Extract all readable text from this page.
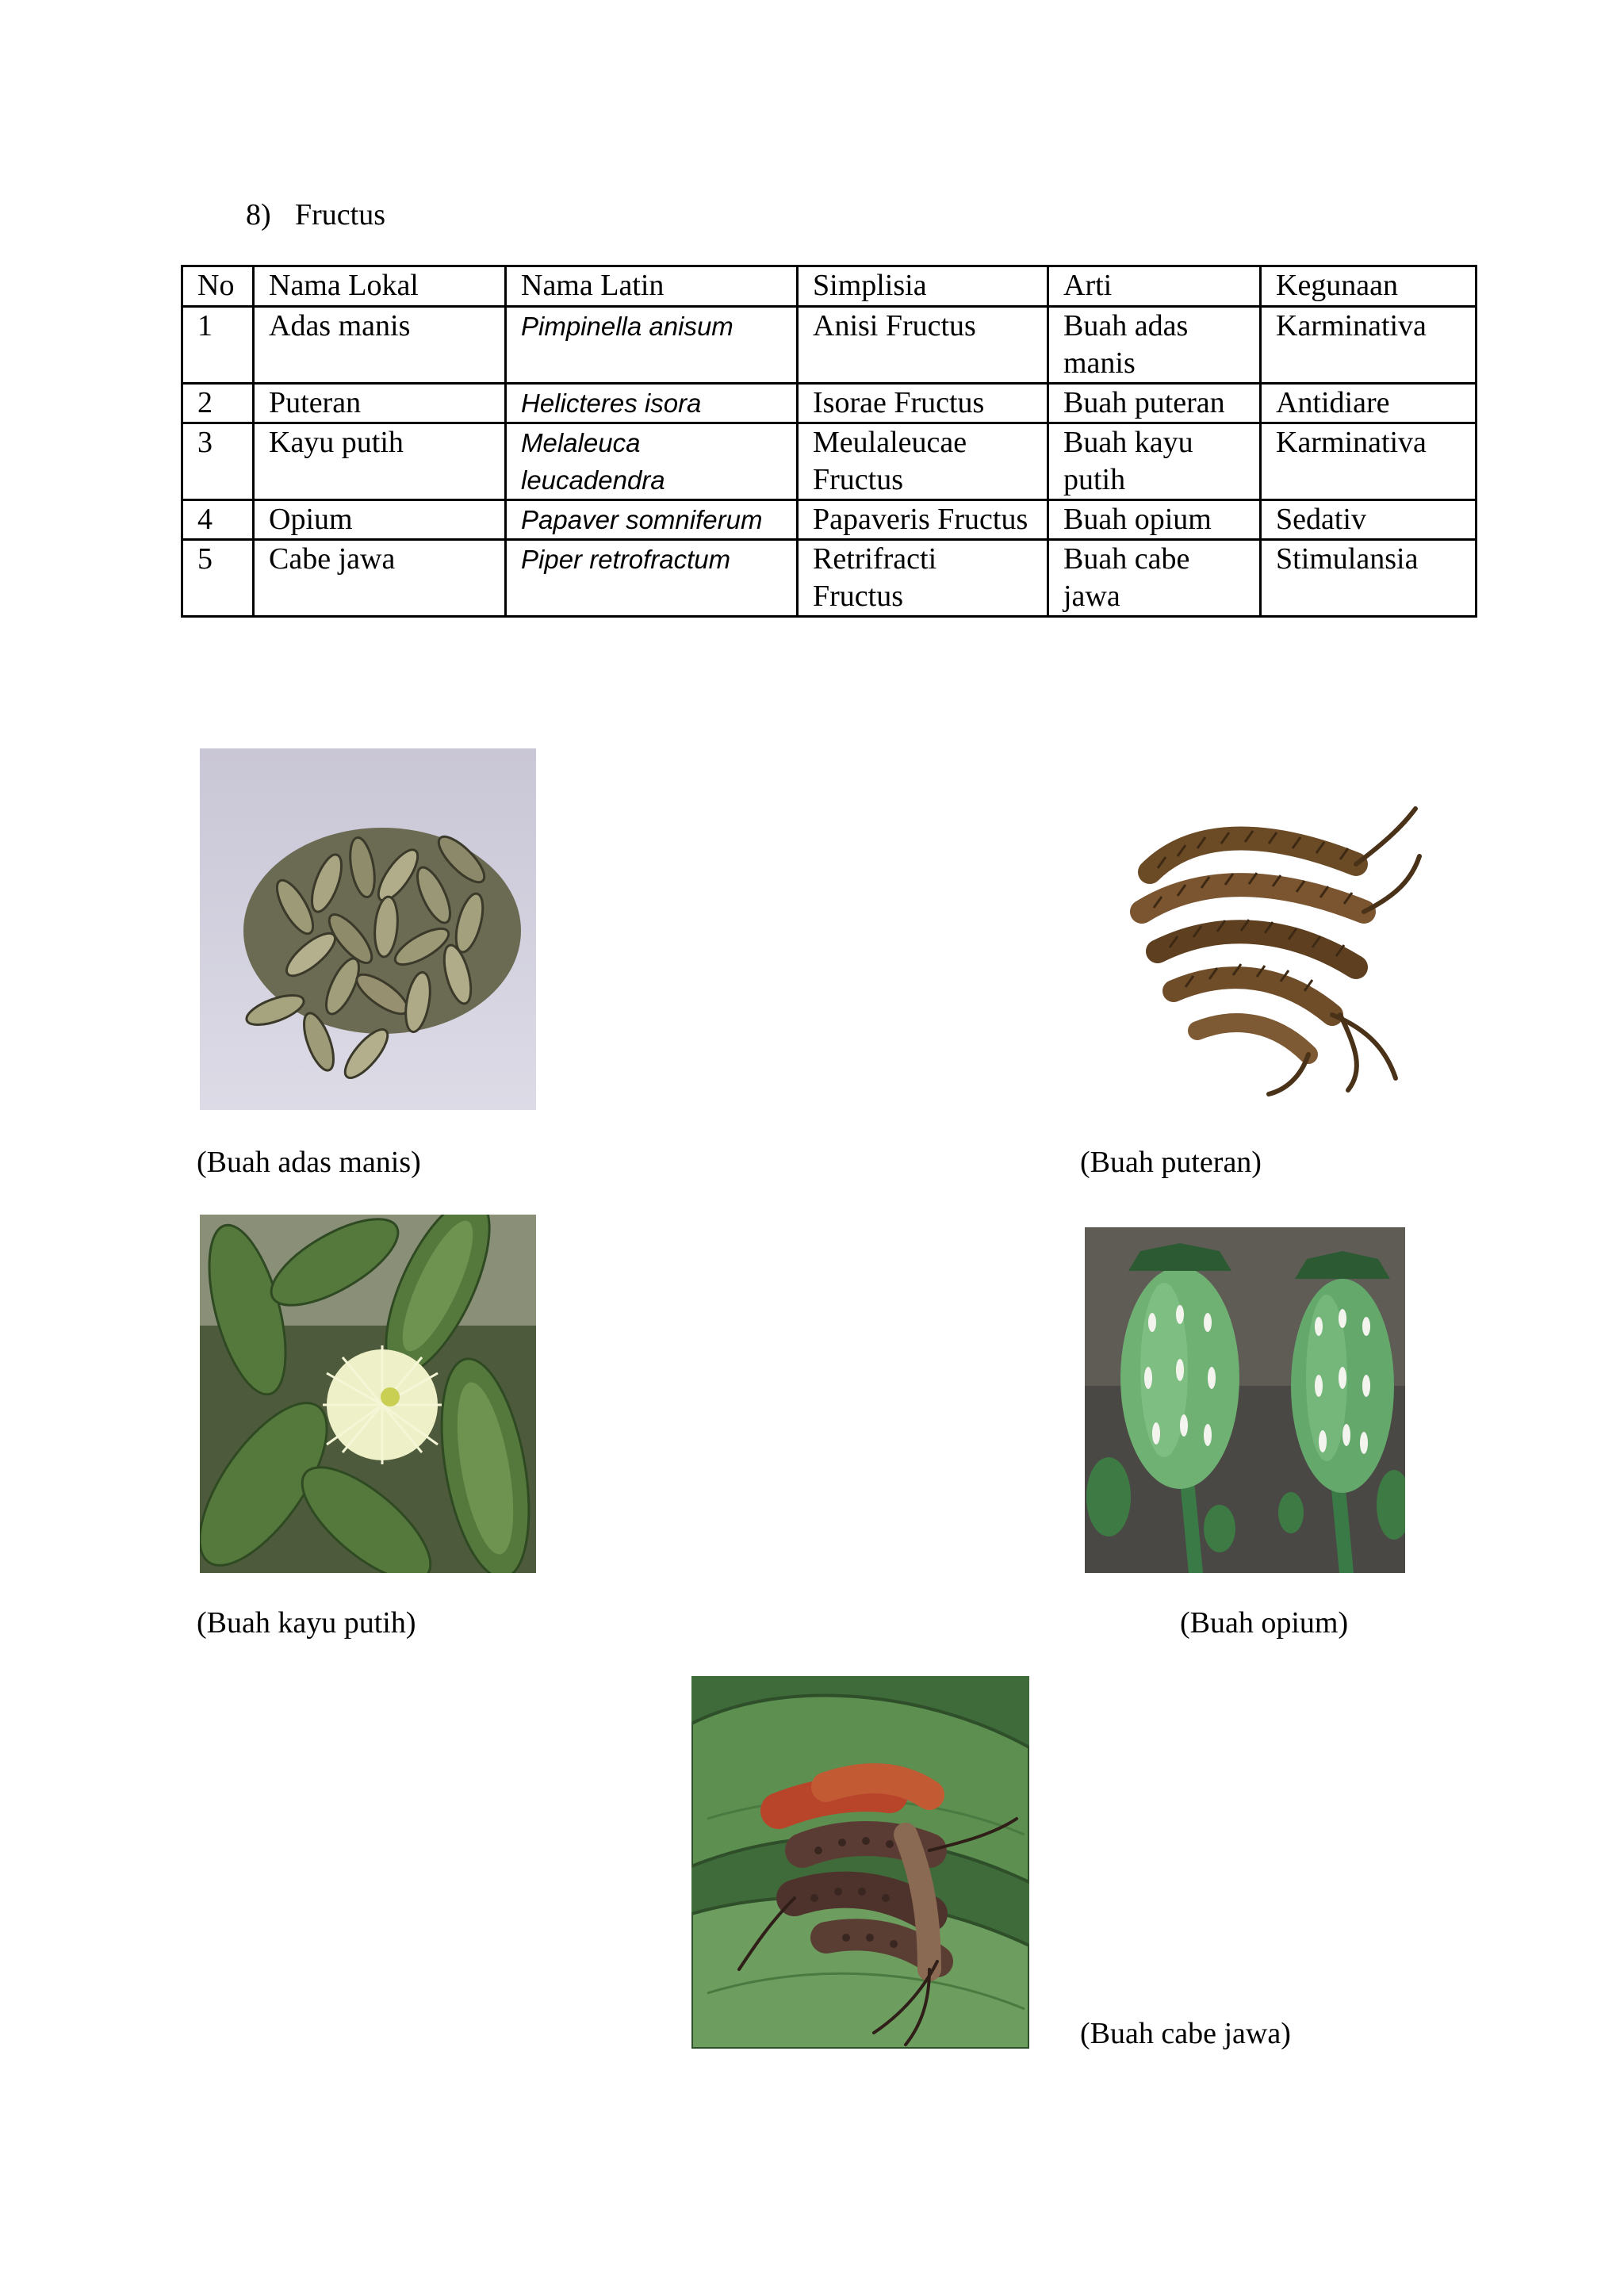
8) Fructus
No	Nama Lokal	Nama Latin	Simplisia	Arti	Kegunaan
1	Adas manis	Pimpinella anisum	Anisi Fructus	Buah adas manis	Karminativa
2	Puteran	Helicteres isora	Isorae Fructus	Buah puteran	Antidiare
3	Kayu putih	Melaleuca leucadendra	Meulaleucae Fructus	Buah kayu putih	Karminativa
4	Opium	Papaver somniferum	Papaveris Fructus	Buah opium	Sedativ
5	Cabe jawa	Piper retrofractum	Retrifracti Fructus	Buah cabe jawa	Stimulansia
(Buah adas manis)	(Buah puteran)
(Buah kayu putih)	(Buah opium)
(Buah cabe jawa)
